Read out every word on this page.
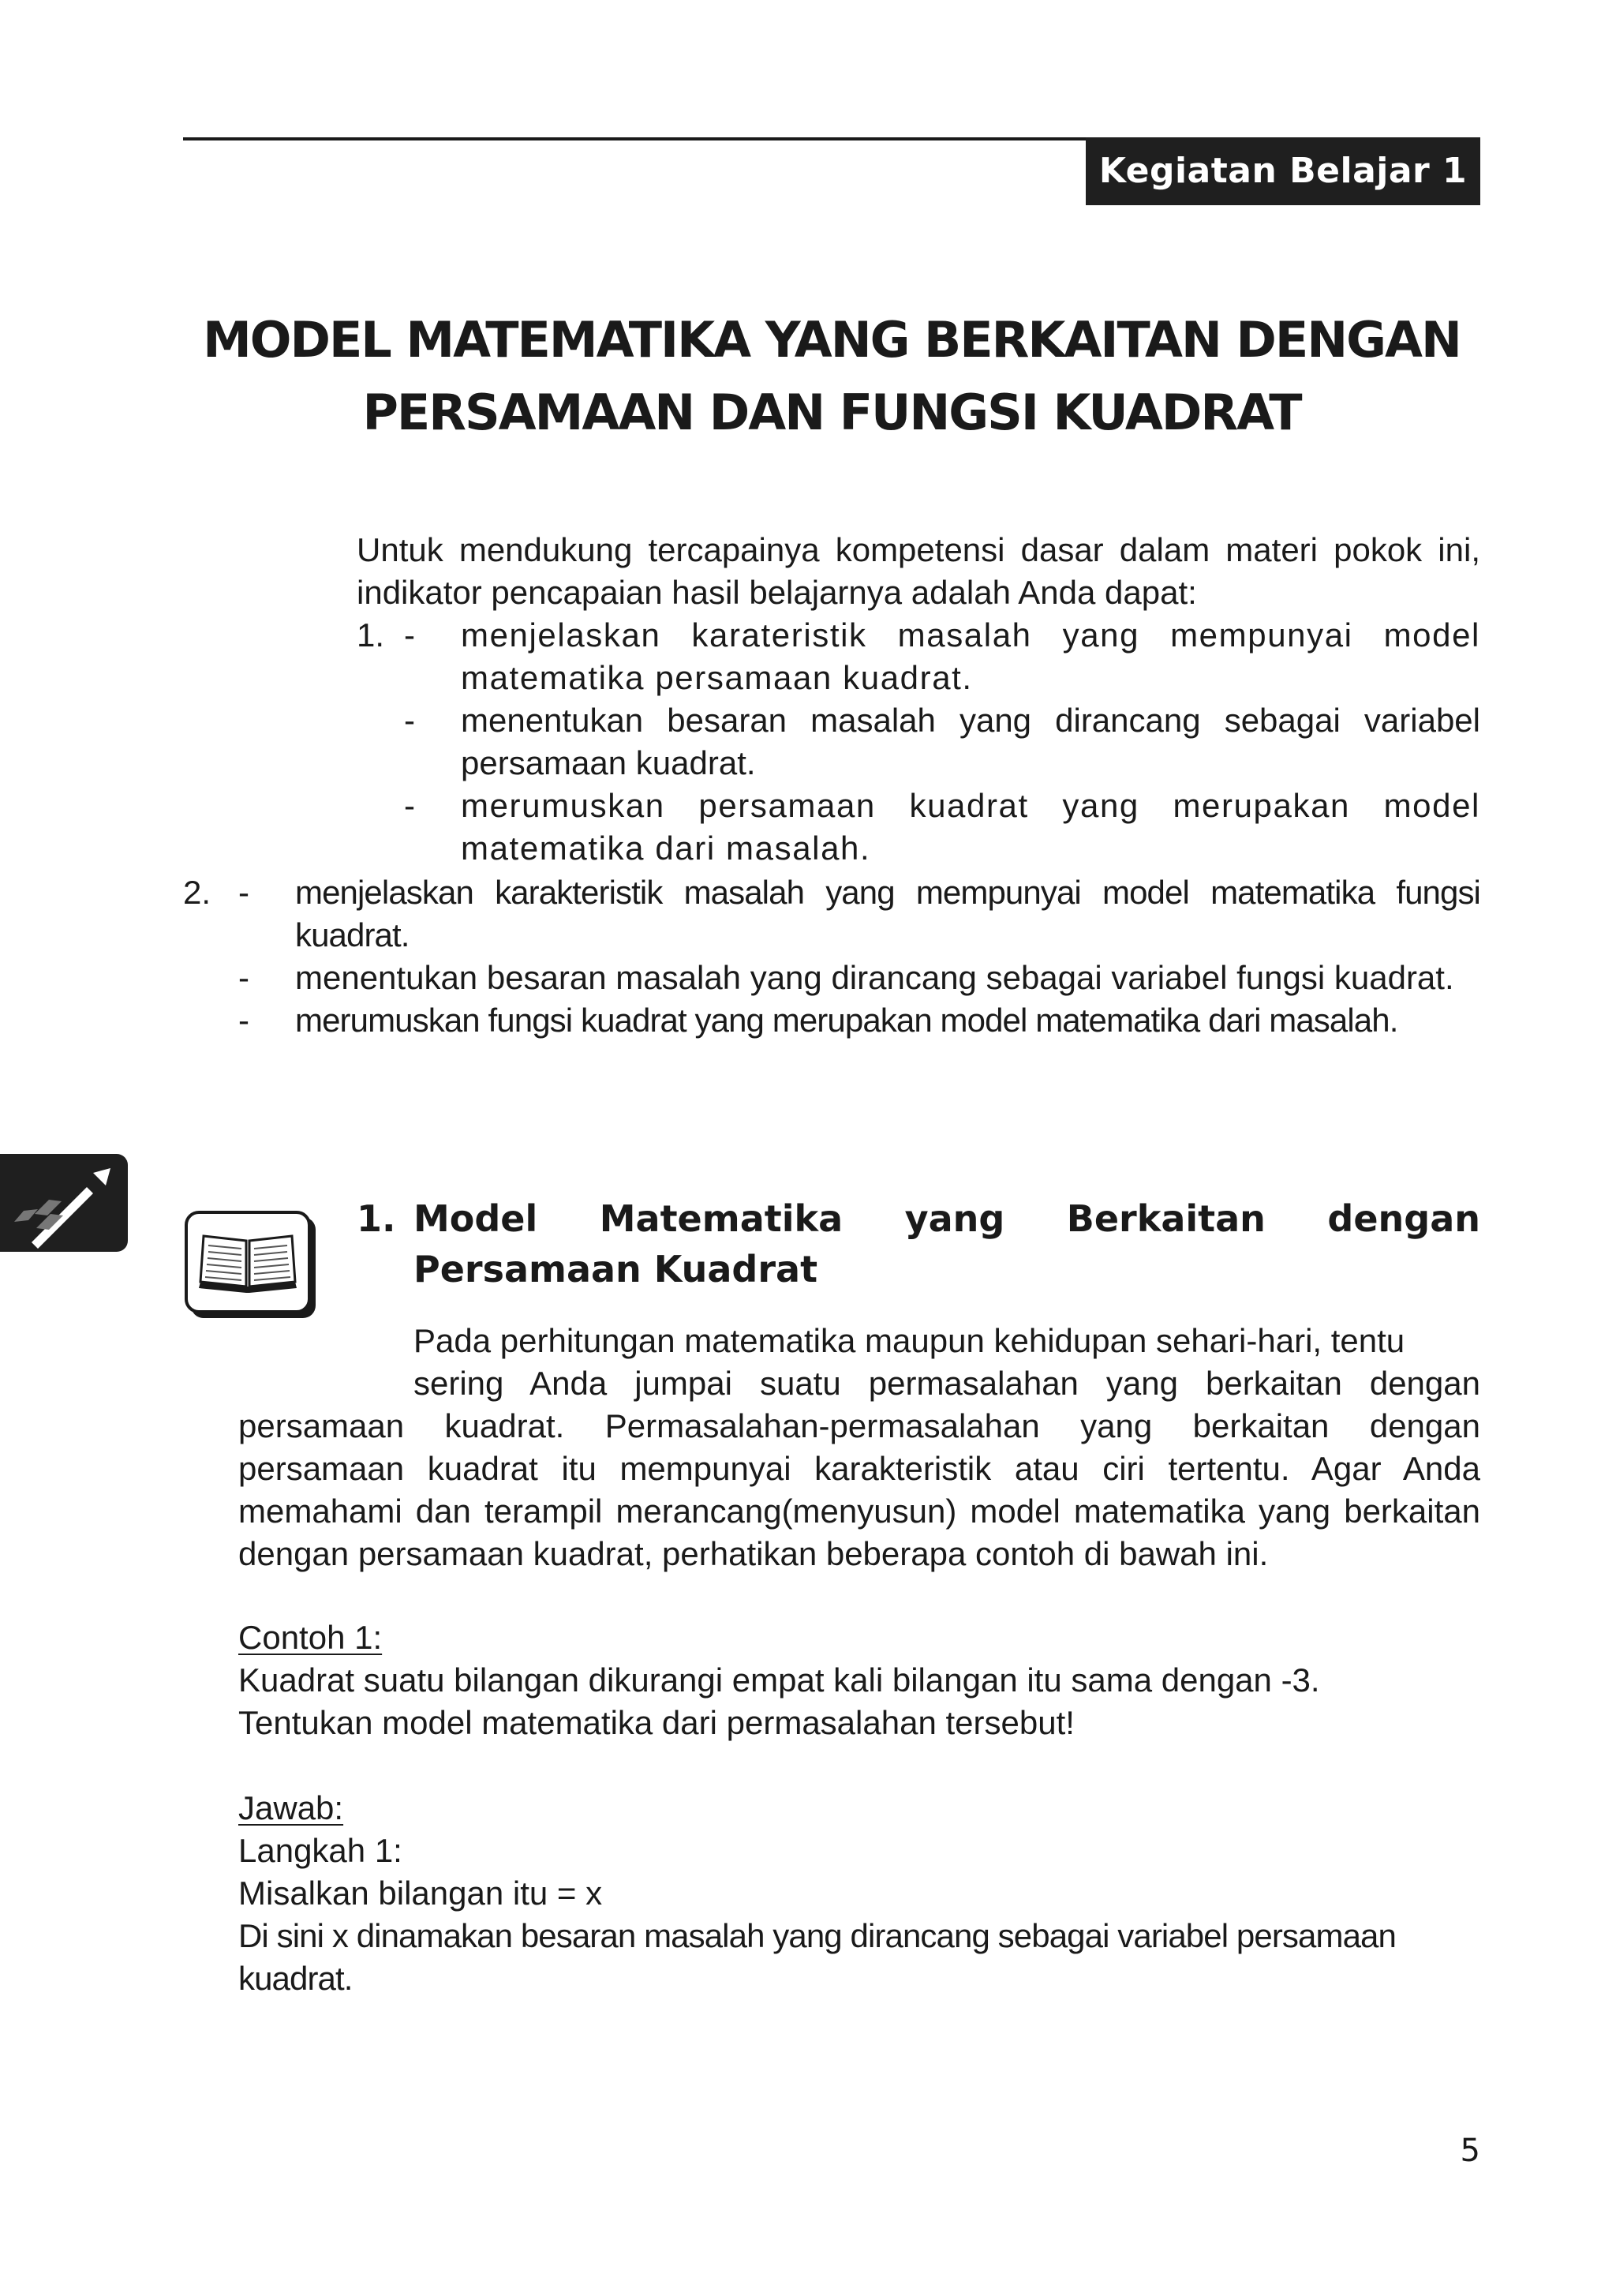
Kegiatan Belajar 1
MODEL MATEMATIKA YANG BERKAITAN DENGAN
PERSAMAAN DAN FUNGSI KUADRAT

Untuk mendukung tercapainya kompetensi dasar dalam materi pokok ini, indikator pencapaian hasil belajarnya adalah Anda dapat:

1. - menjelaskan karateristik masalah yang mempunyai model matematika persamaan kuadrat.
- menentukan besaran masalah yang dirancang sebagai variabel persamaan kuadrat.
- merumuskan persamaan kuadrat yang merupakan model matematika dari masalah.
2. - menjelaskan karakteristik masalah yang mempunyai model matematika fungsi kuadrat.
- menentukan besaran masalah yang dirancang sebagai variabel fungsi kuadrat.
- merumuskan fungsi kuadrat yang merupakan model matematika dari masalah.
1. Model Matematika yang Berkaitan dengan Persamaan Kuadrat

Pada perhitungan matematika maupun kehidupan sehari-hari, tentu
sering Anda jumpai suatu permasalahan yang berkaitan dengan persamaan kuadrat. Permasalahan-permasalahan yang berkaitan dengan persamaan kuadrat itu mempunyai karakteristik atau ciri tertentu. Agar Anda memahami dan terampil merancang(menyusun) model matematika yang berkaitan dengan persamaan kuadrat, perhatikan beberapa contoh di bawah ini.

Contoh 1:

Kuadrat suatu bilangan dikurangi empat kali bilangan itu sama dengan -3.

Tentukan model matematika dari permasalahan tersebut!

Jawab:

Langkah 1:

Misalkan bilangan itu = x

Di sini x dinamakan besaran masalah yang dirancang sebagai variabel persamaan kuadrat.

5
